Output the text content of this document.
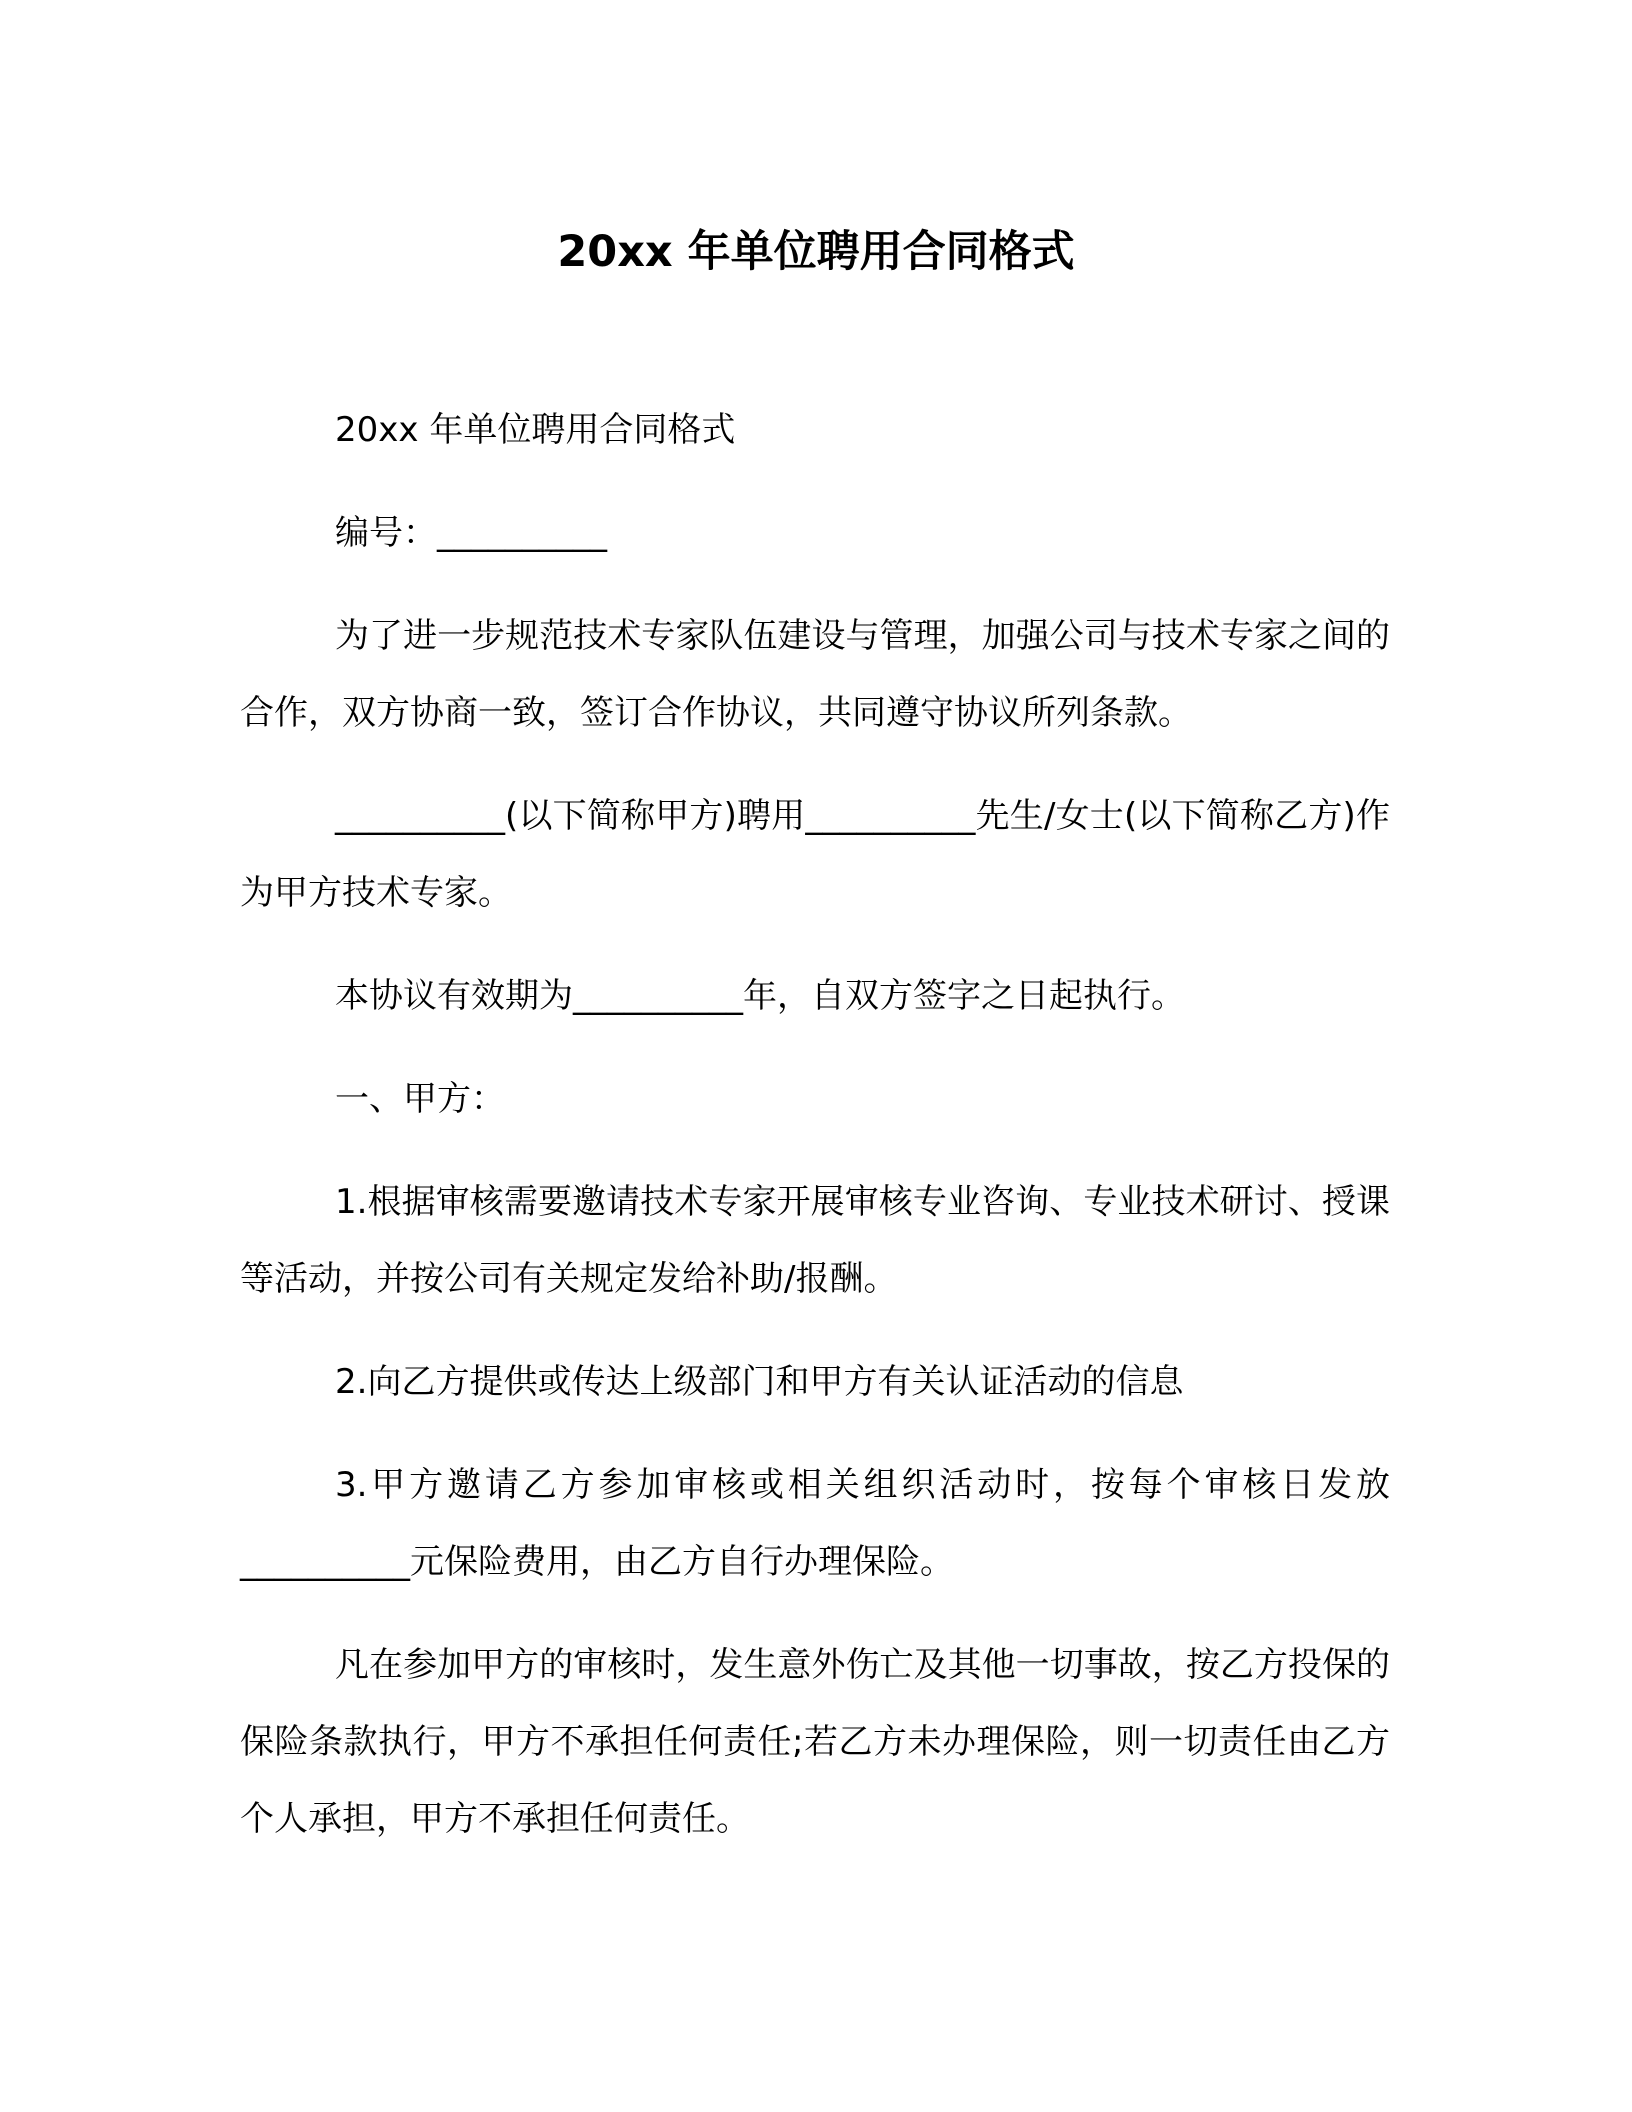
20xx 年单位聘用合同格式

20xx 年单位聘用合同格式

编号：__________

为了进一步规范技术专家队伍建设与管理，加强公司与技术专家之间的合作，双方协商一致，签订合作协议，共同遵守协议所列条款。

__________(以下简称甲方)聘用__________先生/女士(以下简称乙方)作为甲方技术专家。

本协议有效期为__________年，自双方签字之日起执行。

一、甲方：

1.根据审核需要邀请技术专家开展审核专业咨询、专业技术研讨、授课等活动，并按公司有关规定发给补助/报酬。

2.向乙方提供或传达上级部门和甲方有关认证活动的信息

3.甲方邀请乙方参加审核或相关组织活动时，按每个审核日发放__________元保险费用，由乙方自行办理保险。

凡在参加甲方的审核时，发生意外伤亡及其他一切事故，按乙方投保的保险条款执行，甲方不承担任何责任;若乙方未办理保险，则一切责任由乙方个人承担，甲方不承担任何责任。
